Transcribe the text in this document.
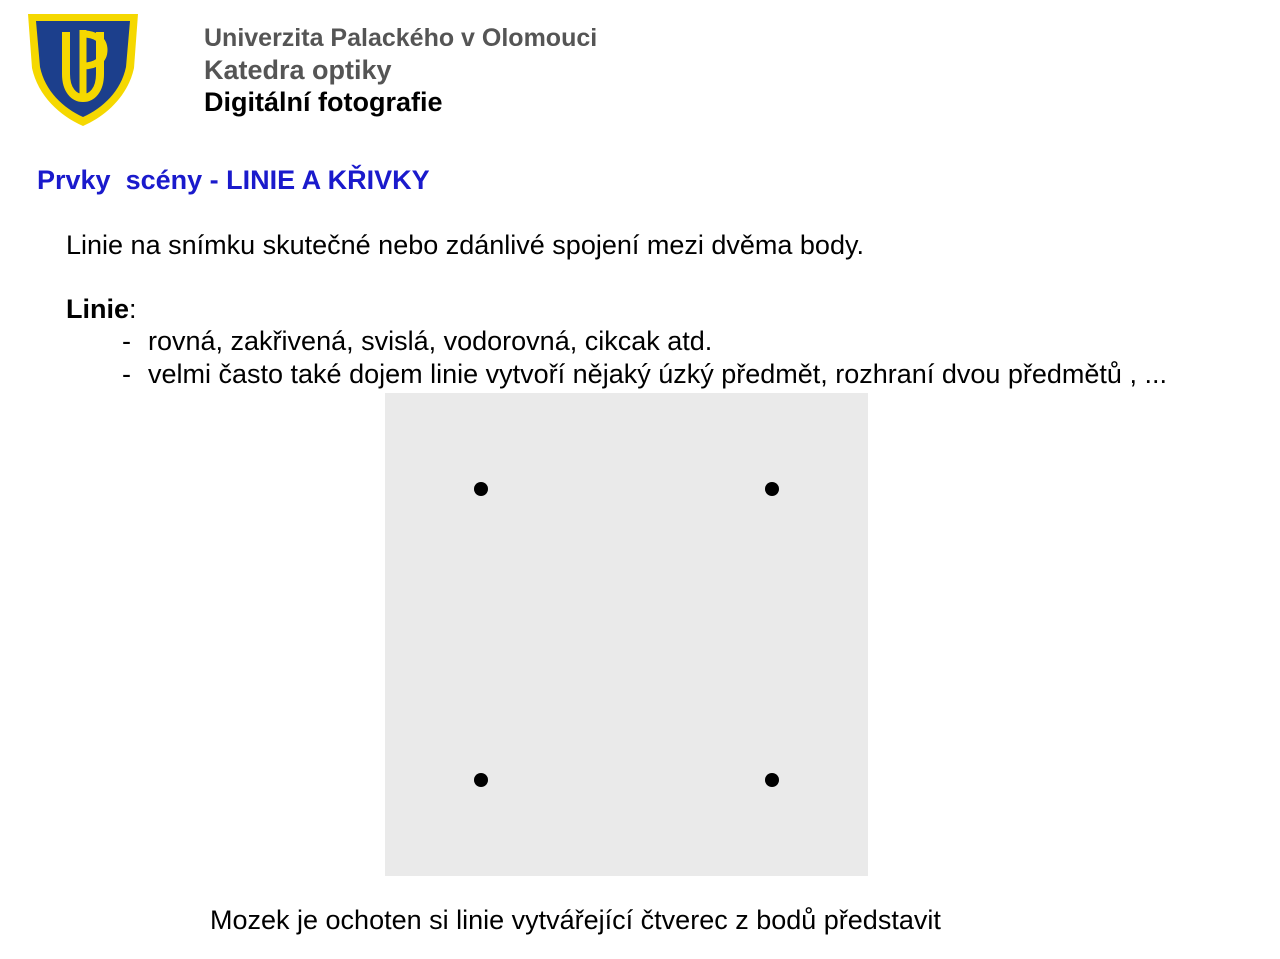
Univerzita Palackého v Olomouci
Katedra optiky
Digitální fotografie
Prvky  scény - LINIE A KŘIVKY
Linie na snímku skutečné nebo zdánlivé spojení mezi dvěma body.
Linie:
- rovná, zakřivená, svislá, vodorovná, cikcak atd.
- velmi často také dojem linie vytvoří nějaký úzký předmět, rozhraní dvou předmětů , ...
Mozek je ochoten si linie vytvářející čtverec z bodů představit
